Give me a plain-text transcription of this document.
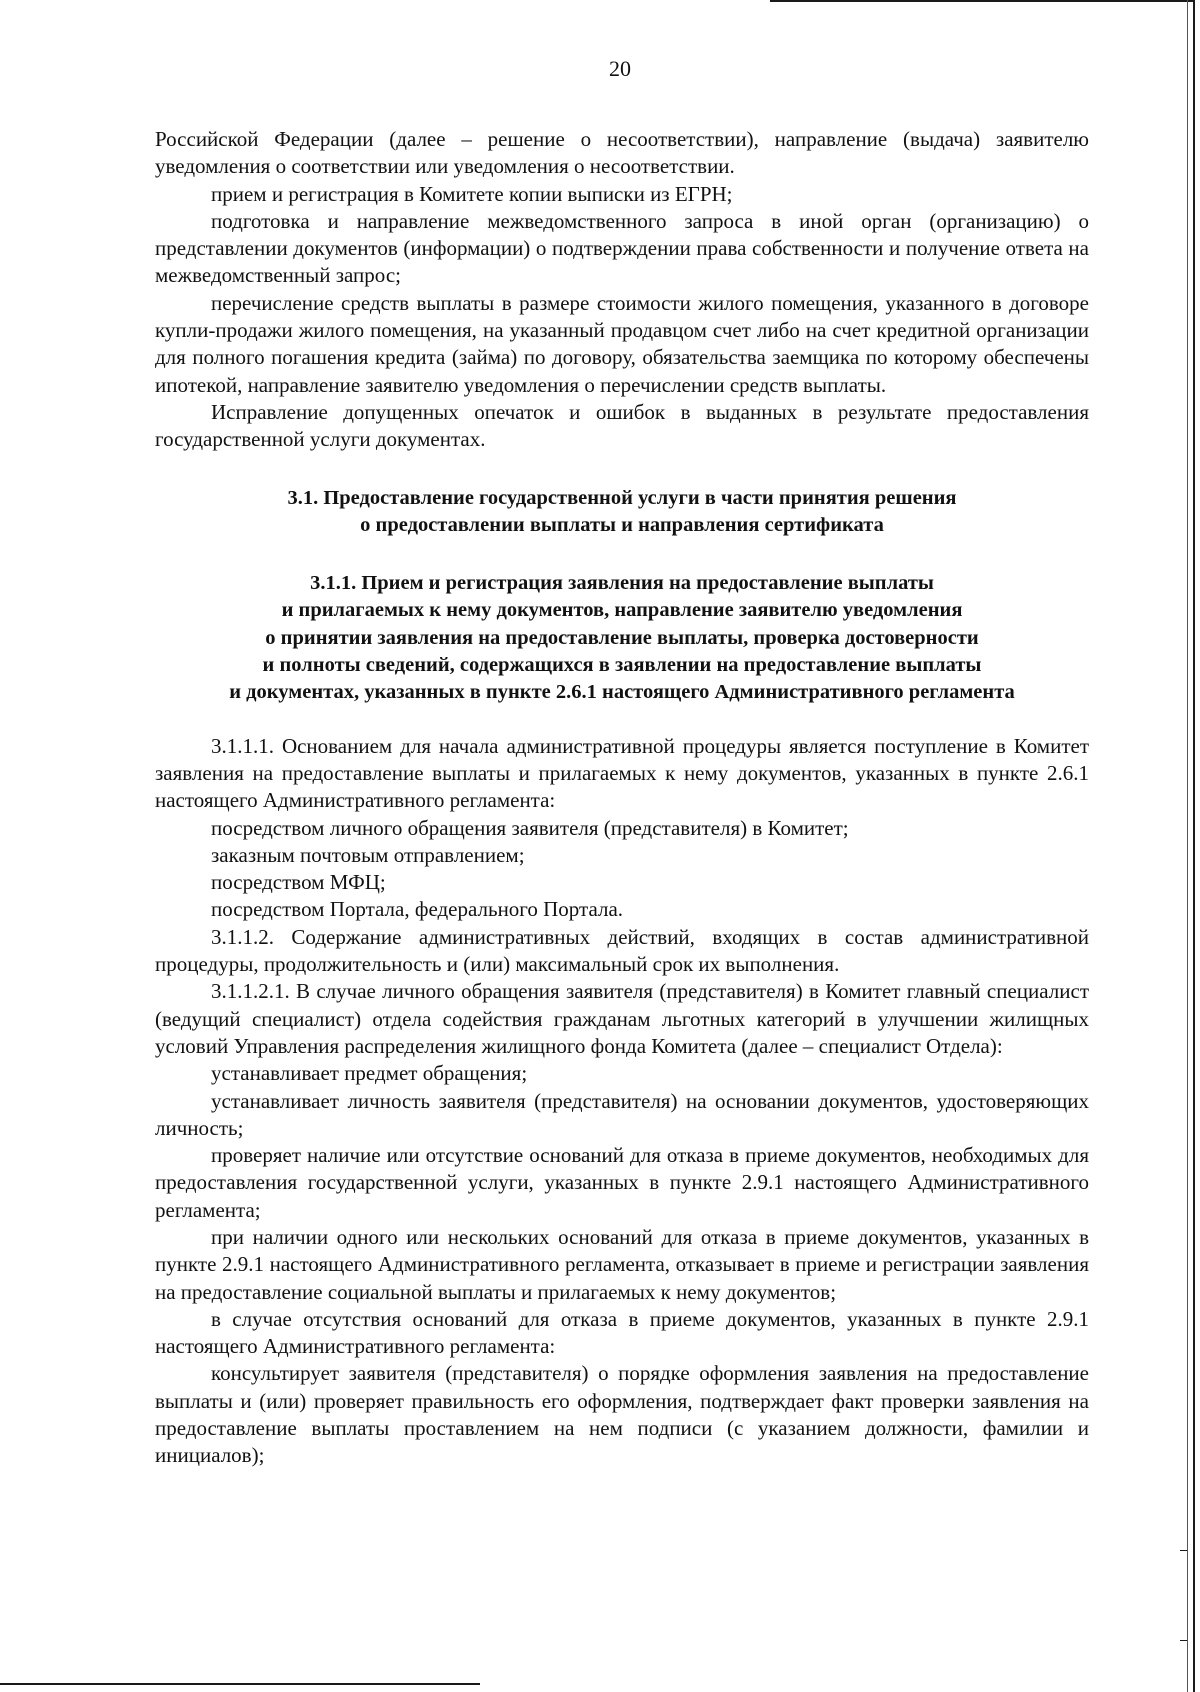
20

Российской Федерации (далее – решение о несоответствии), направление (выдача) заявителю уведомления о соответствии или уведомления о несоответствии.

прием и регистрация в Комитете копии выписки из ЕГРН;

подготовка и направление межведомственного запроса в иной орган (организацию) о представлении документов (информации) о подтверждении права собственности и получение ответа на межведомственный запрос;

перечисление средств выплаты в размере стоимости жилого помещения, указанного в договоре купли-продажи жилого помещения, на указанный продавцом счет либо на счет кредитной организации для полного погашения кредита (займа) по договору, обязательства заемщика по которому обеспечены ипотекой, направление заявителю уведомления о перечислении средств выплаты.

Исправление допущенных опечаток и ошибок в выданных в результате предоставления государственной услуги документах.

3.1. Предоставление государственной услуги в части принятия решения
о предоставлении выплаты и направления сертификата
3.1.1. Прием и регистрация заявления на предоставление выплаты
и прилагаемых к нему документов, направление заявителю уведомления
о принятии заявления на предоставление выплаты, проверка достоверности
и полноты сведений, содержащихся в заявлении на предоставление выплаты
и документах, указанных в пункте 2.6.1 настоящего Административного регламента

3.1.1.1. Основанием для начала административной процедуры является поступление в Комитет заявления на предоставление выплаты и прилагаемых к нему документов, указанных в пункте 2.6.1 настоящего Административного регламента:

посредством личного обращения заявителя (представителя) в Комитет;

заказным почтовым отправлением;

посредством МФЦ;

посредством Портала, федерального Портала.

3.1.1.2. Содержание административных действий, входящих в состав административной процедуры, продолжительность и (или) максимальный срок их выполнения.

3.1.1.2.1. В случае личного обращения заявителя (представителя) в Комитет главный специалист (ведущий специалист) отдела содействия гражданам льготных категорий в улучшении жилищных условий Управления распределения жилищного фонда Комитета (далее – специалист Отдела):

устанавливает предмет обращения;

устанавливает личность заявителя (представителя) на основании документов, удостоверяющих личность;

проверяет наличие или отсутствие оснований для отказа в приеме документов, необходимых для предоставления государственной услуги, указанных в пункте 2.9.1 настоящего Административного регламента;

при наличии одного или нескольких оснований для отказа в приеме документов, указанных в пункте 2.9.1 настоящего Административного регламента, отказывает в приеме и регистрации заявления на предоставление социальной выплаты и прилагаемых к нему документов;

в случае отсутствия оснований для отказа в приеме документов, указанных в пункте 2.9.1 настоящего Административного регламента:

консультирует заявителя (представителя) о порядке оформления заявления на предоставление выплаты и (или) проверяет правильность его оформления, подтверждает факт проверки заявления на предоставление выплаты проставлением на нем подписи (с указанием должности, фамилии и инициалов);
